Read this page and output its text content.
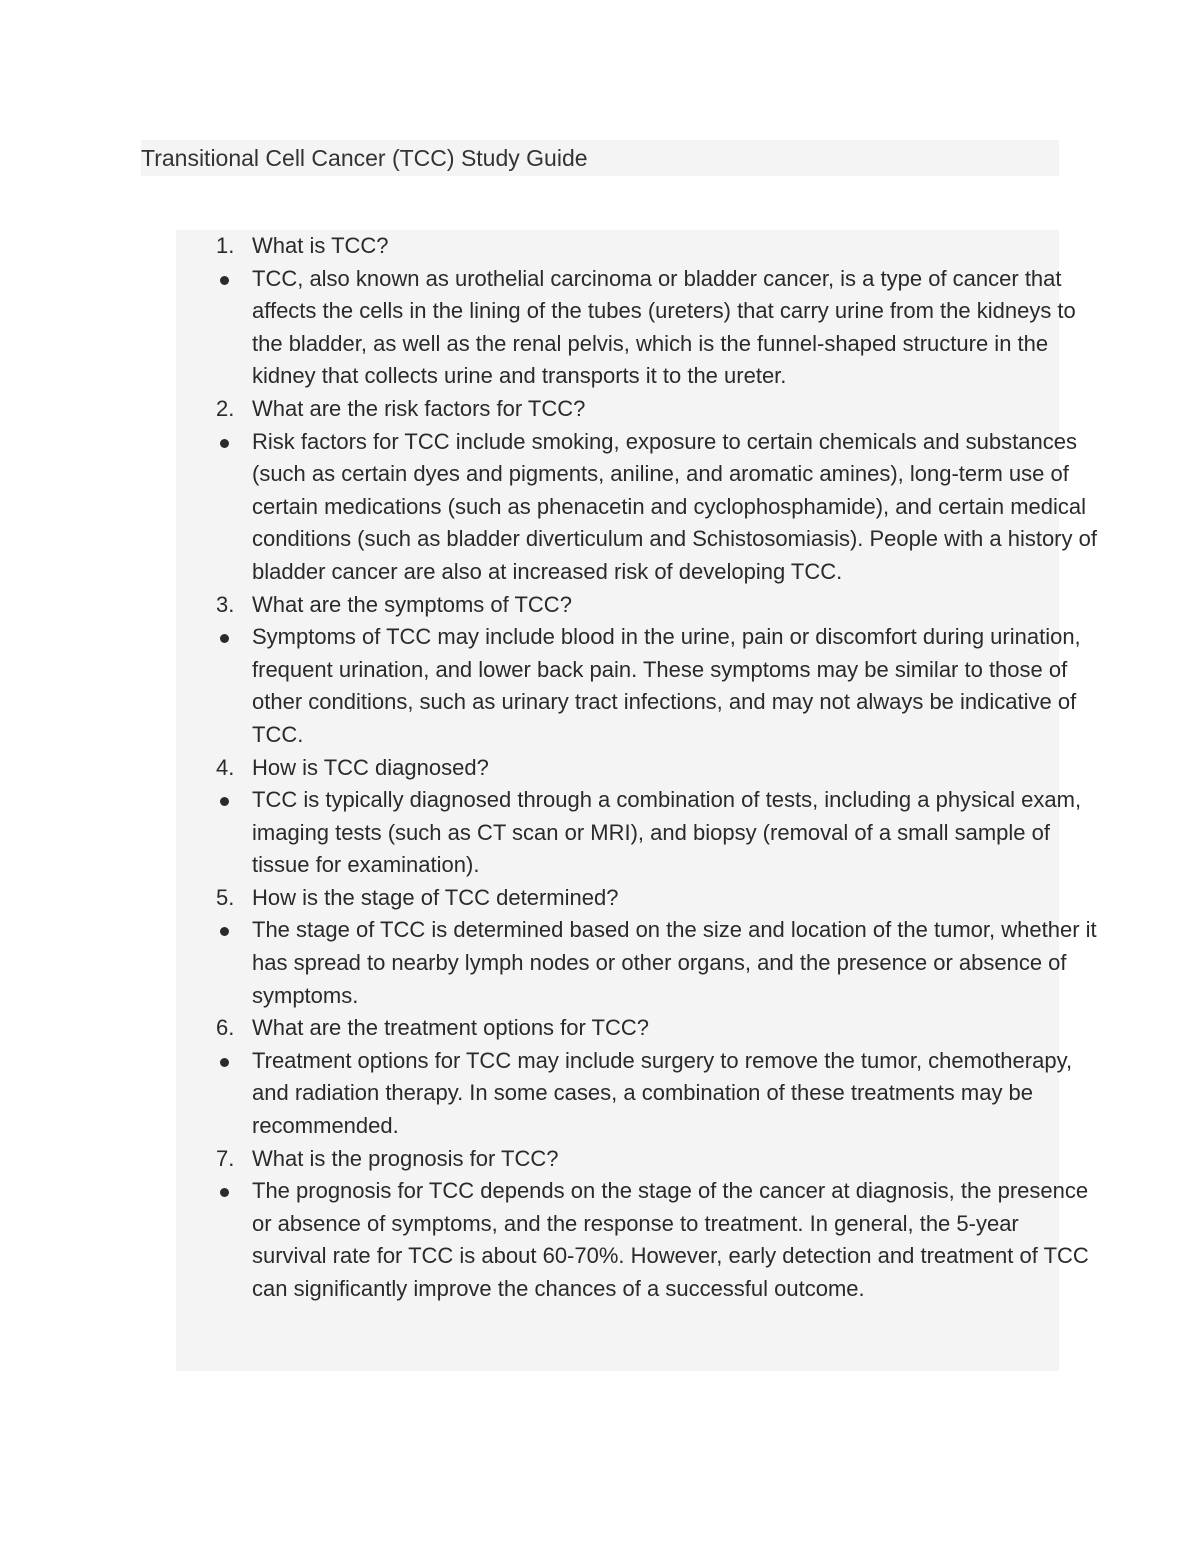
Transitional Cell Cancer (TCC) Study Guide
1. What is TCC?
TCC, also known as urothelial carcinoma or bladder cancer, is a type of cancer that affects the cells in the lining of the tubes (ureters) that carry urine from the kidneys to the bladder, as well as the renal pelvis, which is the funnel-shaped structure in the kidney that collects urine and transports it to the ureter.
2. What are the risk factors for TCC?
Risk factors for TCC include smoking, exposure to certain chemicals and substances (such as certain dyes and pigments, aniline, and aromatic amines), long-term use of certain medications (such as phenacetin and cyclophosphamide), and certain medical conditions (such as bladder diverticulum and Schistosomiasis). People with a history of bladder cancer are also at increased risk of developing TCC.
3. What are the symptoms of TCC?
Symptoms of TCC may include blood in the urine, pain or discomfort during urination, frequent urination, and lower back pain. These symptoms may be similar to those of other conditions, such as urinary tract infections, and may not always be indicative of TCC.
4. How is TCC diagnosed?
TCC is typically diagnosed through a combination of tests, including a physical exam, imaging tests (such as CT scan or MRI), and biopsy (removal of a small sample of tissue for examination).
5. How is the stage of TCC determined?
The stage of TCC is determined based on the size and location of the tumor, whether it has spread to nearby lymph nodes or other organs, and the presence or absence of symptoms.
6. What are the treatment options for TCC?
Treatment options for TCC may include surgery to remove the tumor, chemotherapy, and radiation therapy. In some cases, a combination of these treatments may be recommended.
7. What is the prognosis for TCC?
The prognosis for TCC depends on the stage of the cancer at diagnosis, the presence or absence of symptoms, and the response to treatment. In general, the 5-year survival rate for TCC is about 60-70%. However, early detection and treatment of TCC can significantly improve the chances of a successful outcome.
